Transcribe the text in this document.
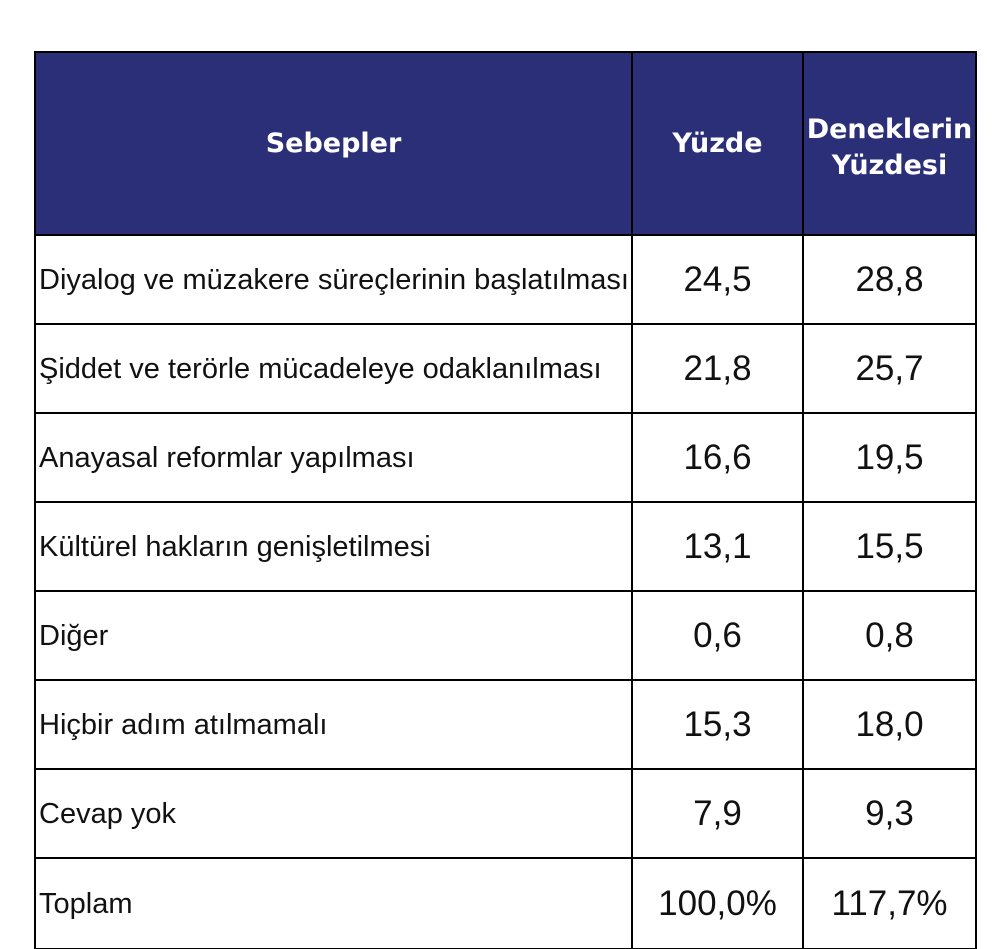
Sebepler	Yüzde	Deneklerin Yüzdesi
Diyalog ve müzakere süreçlerinin başlatılması	24,5	28,8
Şiddet ve terörle mücadeleye odaklanılması	21,8	25,7
Anayasal reformlar yapılması	16,6	19,5
Kültürel hakların genişletilmesi	13,1	15,5
Diğer	0,6	0,8
Hiçbir adım atılmamalı	15,3	18,0
Cevap yok	7,9	9,3
Toplam	100,0%	117,7%
